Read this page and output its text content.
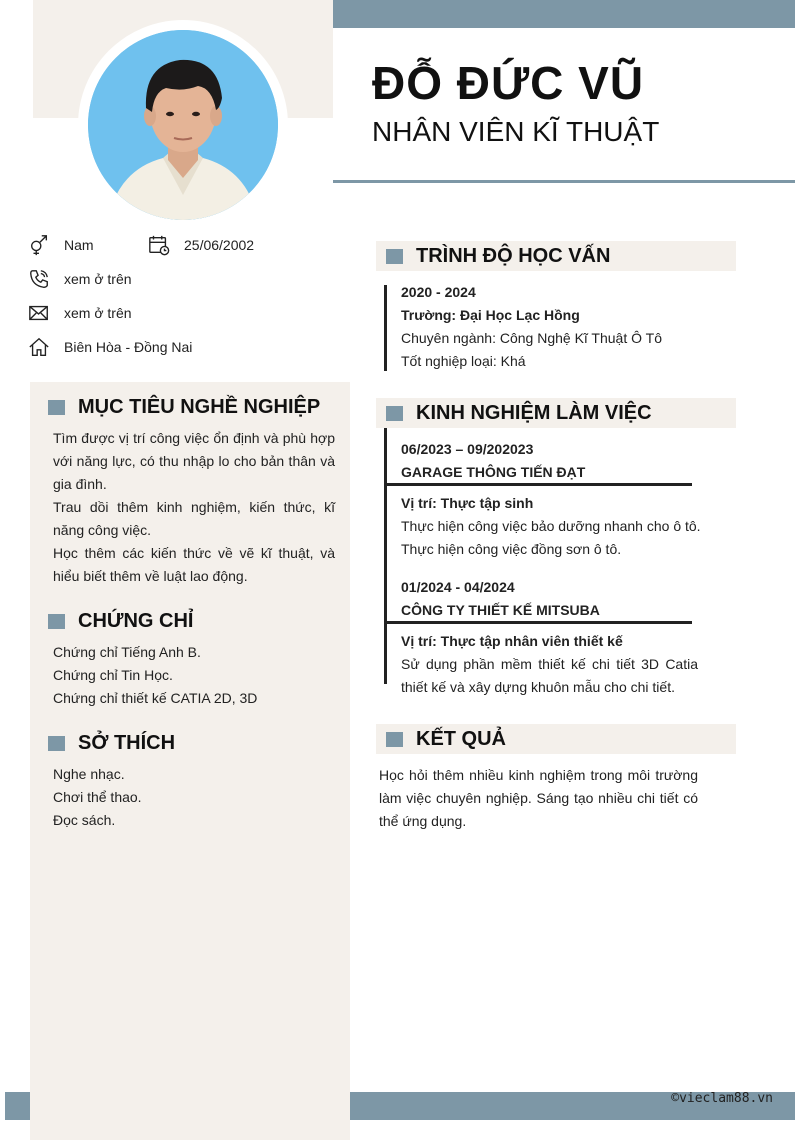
©vieclam88.vn
ĐỖ ĐỨC VŨ
NHÂN VIÊN KĨ THUẬT
Nam	25/06/2002
xem ở trên
xem ở trên
Biên Hòa - Đồng Nai
MỤC TIÊU NGHỀ NGHIỆP

Tìm được vị trí công việc ổn định và phù hợp với năng lực, có thu nhập lo cho bản thân và gia đình.

Trau dồi thêm kinh nghiệm, kiến thức, kĩ năng công việc.

Học thêm các kiến thức về vẽ kĩ thuật, và hiểu biết thêm về luật lao động.

CHỨNG CHỈ

Chứng chỉ Tiếng Anh B.

Chứng chỉ Tin Học.

Chứng chỉ thiết kế CATIA 2D, 3D

SỞ THÍCH

Nghe nhạc.

Chơi thể thao.

Đọc sách.

TRÌNH ĐỘ HỌC VẤN

2020 - 2024

Trường: Đại Học Lạc Hồng

Chuyên ngành: Công Nghệ Kĩ Thuật Ô Tô

Tốt nghiệp loại: Khá

KINH NGHIỆM LÀM VIỆC

06/2023 – 09/202023

GARAGE THÔNG TIẾN ĐẠT

Vị trí: Thực tập sinh

Thực hiện công việc bảo dưỡng nhanh cho ô tô.

Thực hiện công việc đồng sơn ô tô.

01/2024 - 04/2024

CÔNG TY THIẾT KẾ MITSUBA

Vị trí: Thực tập nhân viên thiết kế

Sử dụng phần mềm thiết kế chi tiết 3D Catia thiết kế và xây dựng khuôn mẫu cho chi tiết.

KẾT QUẢ

Học hỏi thêm nhiều kinh nghiệm trong môi trường làm việc chuyên nghiệp. Sáng tạo nhiều chi tiết có thể ứng dụng.
